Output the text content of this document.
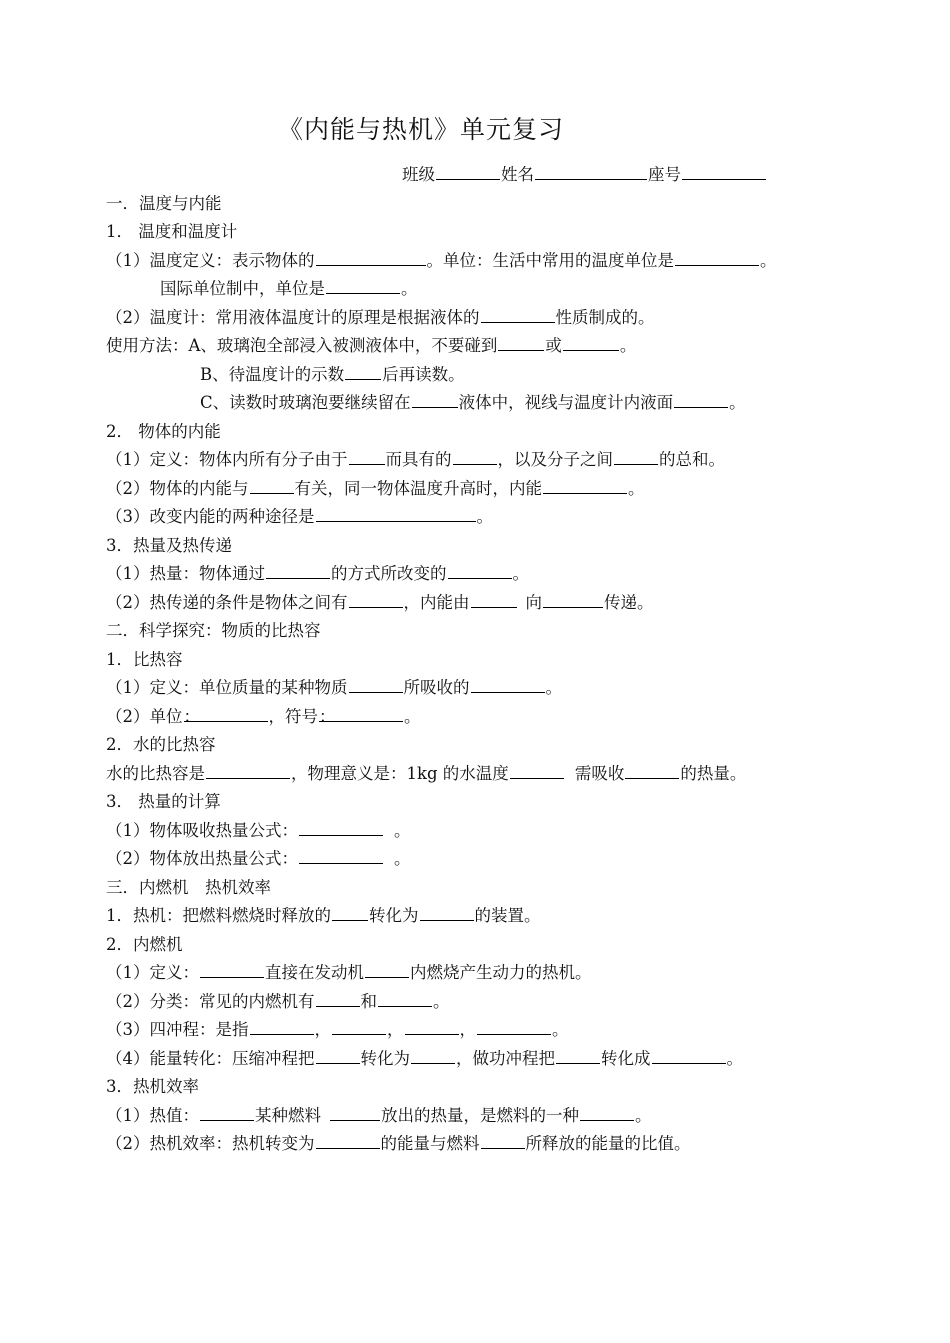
《内能与热机》单元复习
班级	姓名	座号
一．温度与内能
1． 温度和温度计
（1）温度定义：表示物体的	。单位：生活中常用的温度单位是	。
国际单位制中，单位是	。
（2）温度计：常用液体温度计的原理是根据液体的	性质制成的。
使用方法：A、玻璃泡全部浸入被测液体中，不要碰到	或	。
B、待温度计的示数 后再读数。
C、读数时玻璃泡要继续留在	液体中，视线与温度计内液面	。
2． 物体的内能
（1）定义：物体内所有分子由于 而具有的	，以及分子之间	的总和。
（2）物体的内能与	有关，同一物体温度升高时，内能	。
（3）改变内能的两种途径是	。
3．热量及热传递
（1）热量：物体通过	的方式所改变的	。
（2）热传递的条件是物体之间有	，内能由	向	传递。
二．科学探究：物质的比热容
1．比热容
（1）定义：单位质量的某种物质	所吸收的	。
（2）单位：	，符号：	。
2．水的比热容
水的比热容是	，物理意义是：1kg 的水温度	需吸收	的热量。
3． 热量的计算
（1）物体吸收热量公式：	。
（2）物体放出热量公式：	。
三．内燃机　热机效率
1．热机：把燃料燃烧时释放的 转化为	的装置。
2．内燃机
（1）定义：	直接在发动机	内燃烧产生动力的热机。
（2）分类：常见的内燃机有	和	。
（3）四冲程：是指	，	，	，	。
（4）能量转化：压缩冲程把	转化为	，做功冲程把	转化成	。
3．热机效率
（1）热值：	某种燃料	放出的热量，是燃料的一种	。
（2）热机效率：热机转变为	的能量与燃料	所释放的能量的比值。
